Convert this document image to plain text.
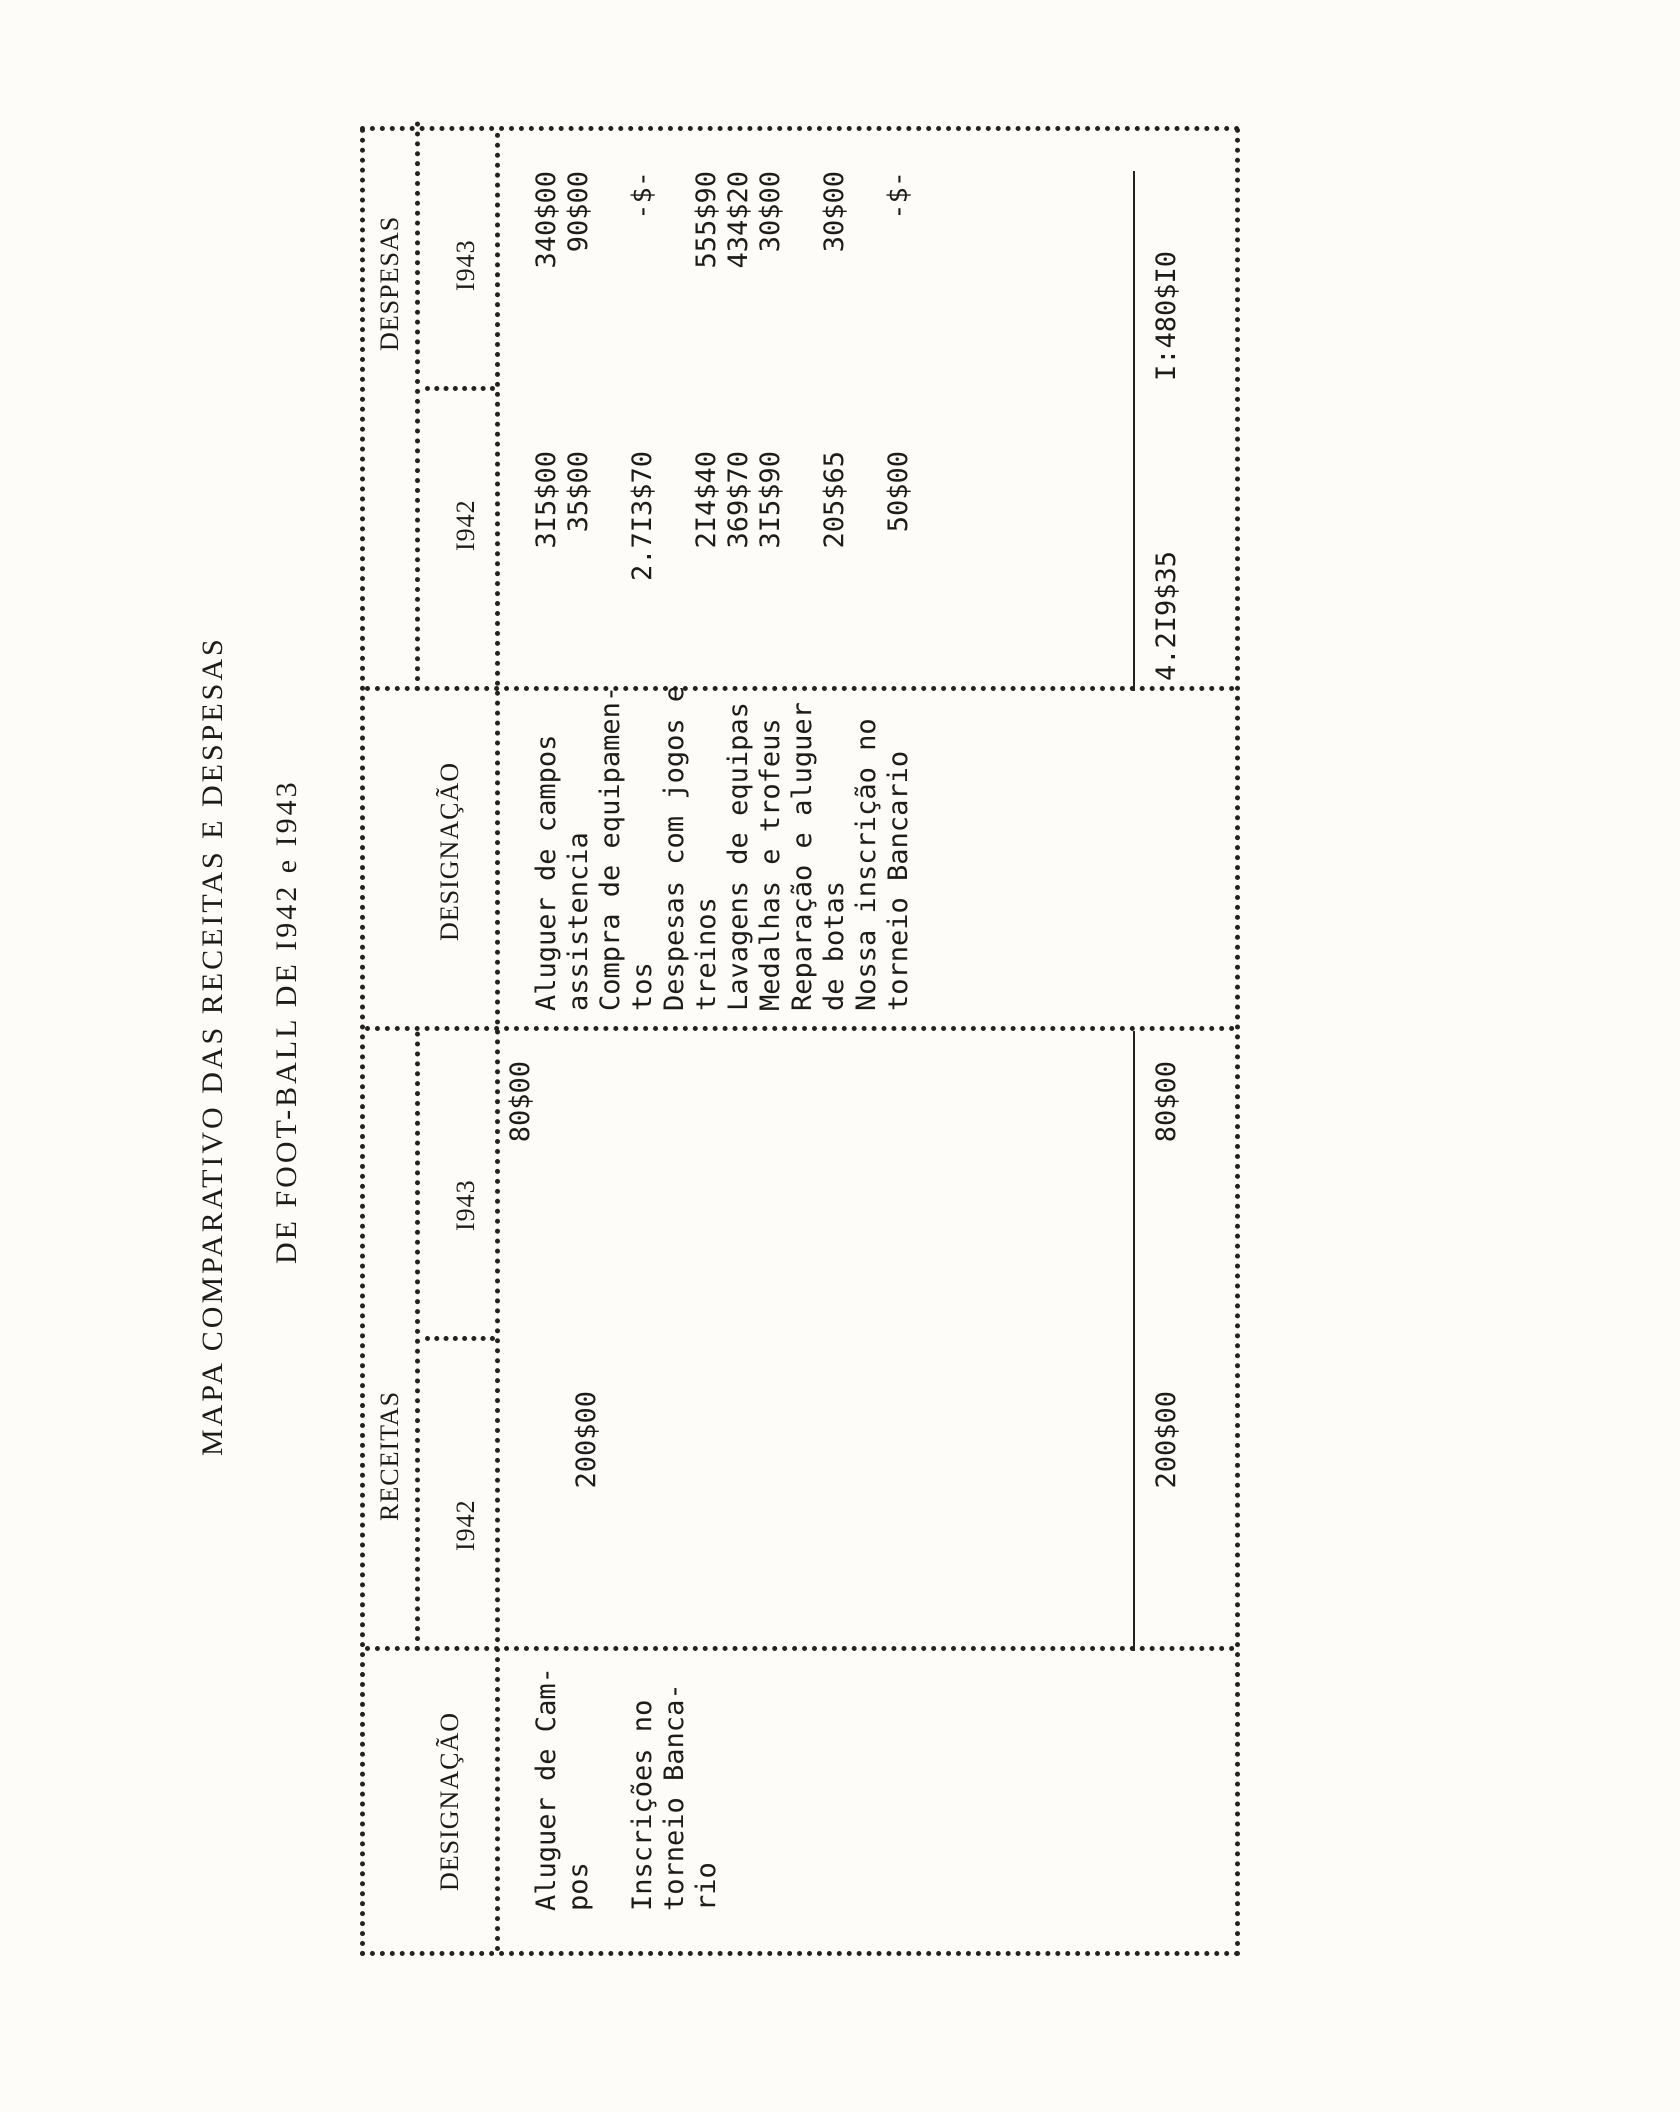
MAPA COMPARATIVO DAS RECEITAS E DESPESAS DE FOOT-BALL DE I942 e I943
DESIGNAÇÃO
RECEITAS
I942
I943
Aluguer de Cam-
pos
80$00
Inscrições no
torneio Banca-
rio
200$00	200$00
80$00
DESIGNAÇÃO
DESPESAS
I942
I943
Aluguer de campos
assistencia
Compra de equipamen-
tos
Despesas com jogos e
treinos
Lavagens de equipas
Medalhas e trofeus
Reparação e aluguer
de botas
Nossa inscrição no
torneio Bancario
3I5$00
35$00

2.7I3$70

2I4$40
369$70
3I5$90

205$65

50$00
340$00
90$00

-$-

555$90
434$20
30$00

30$00

-$-
4.2I9$35
I:480$I0
